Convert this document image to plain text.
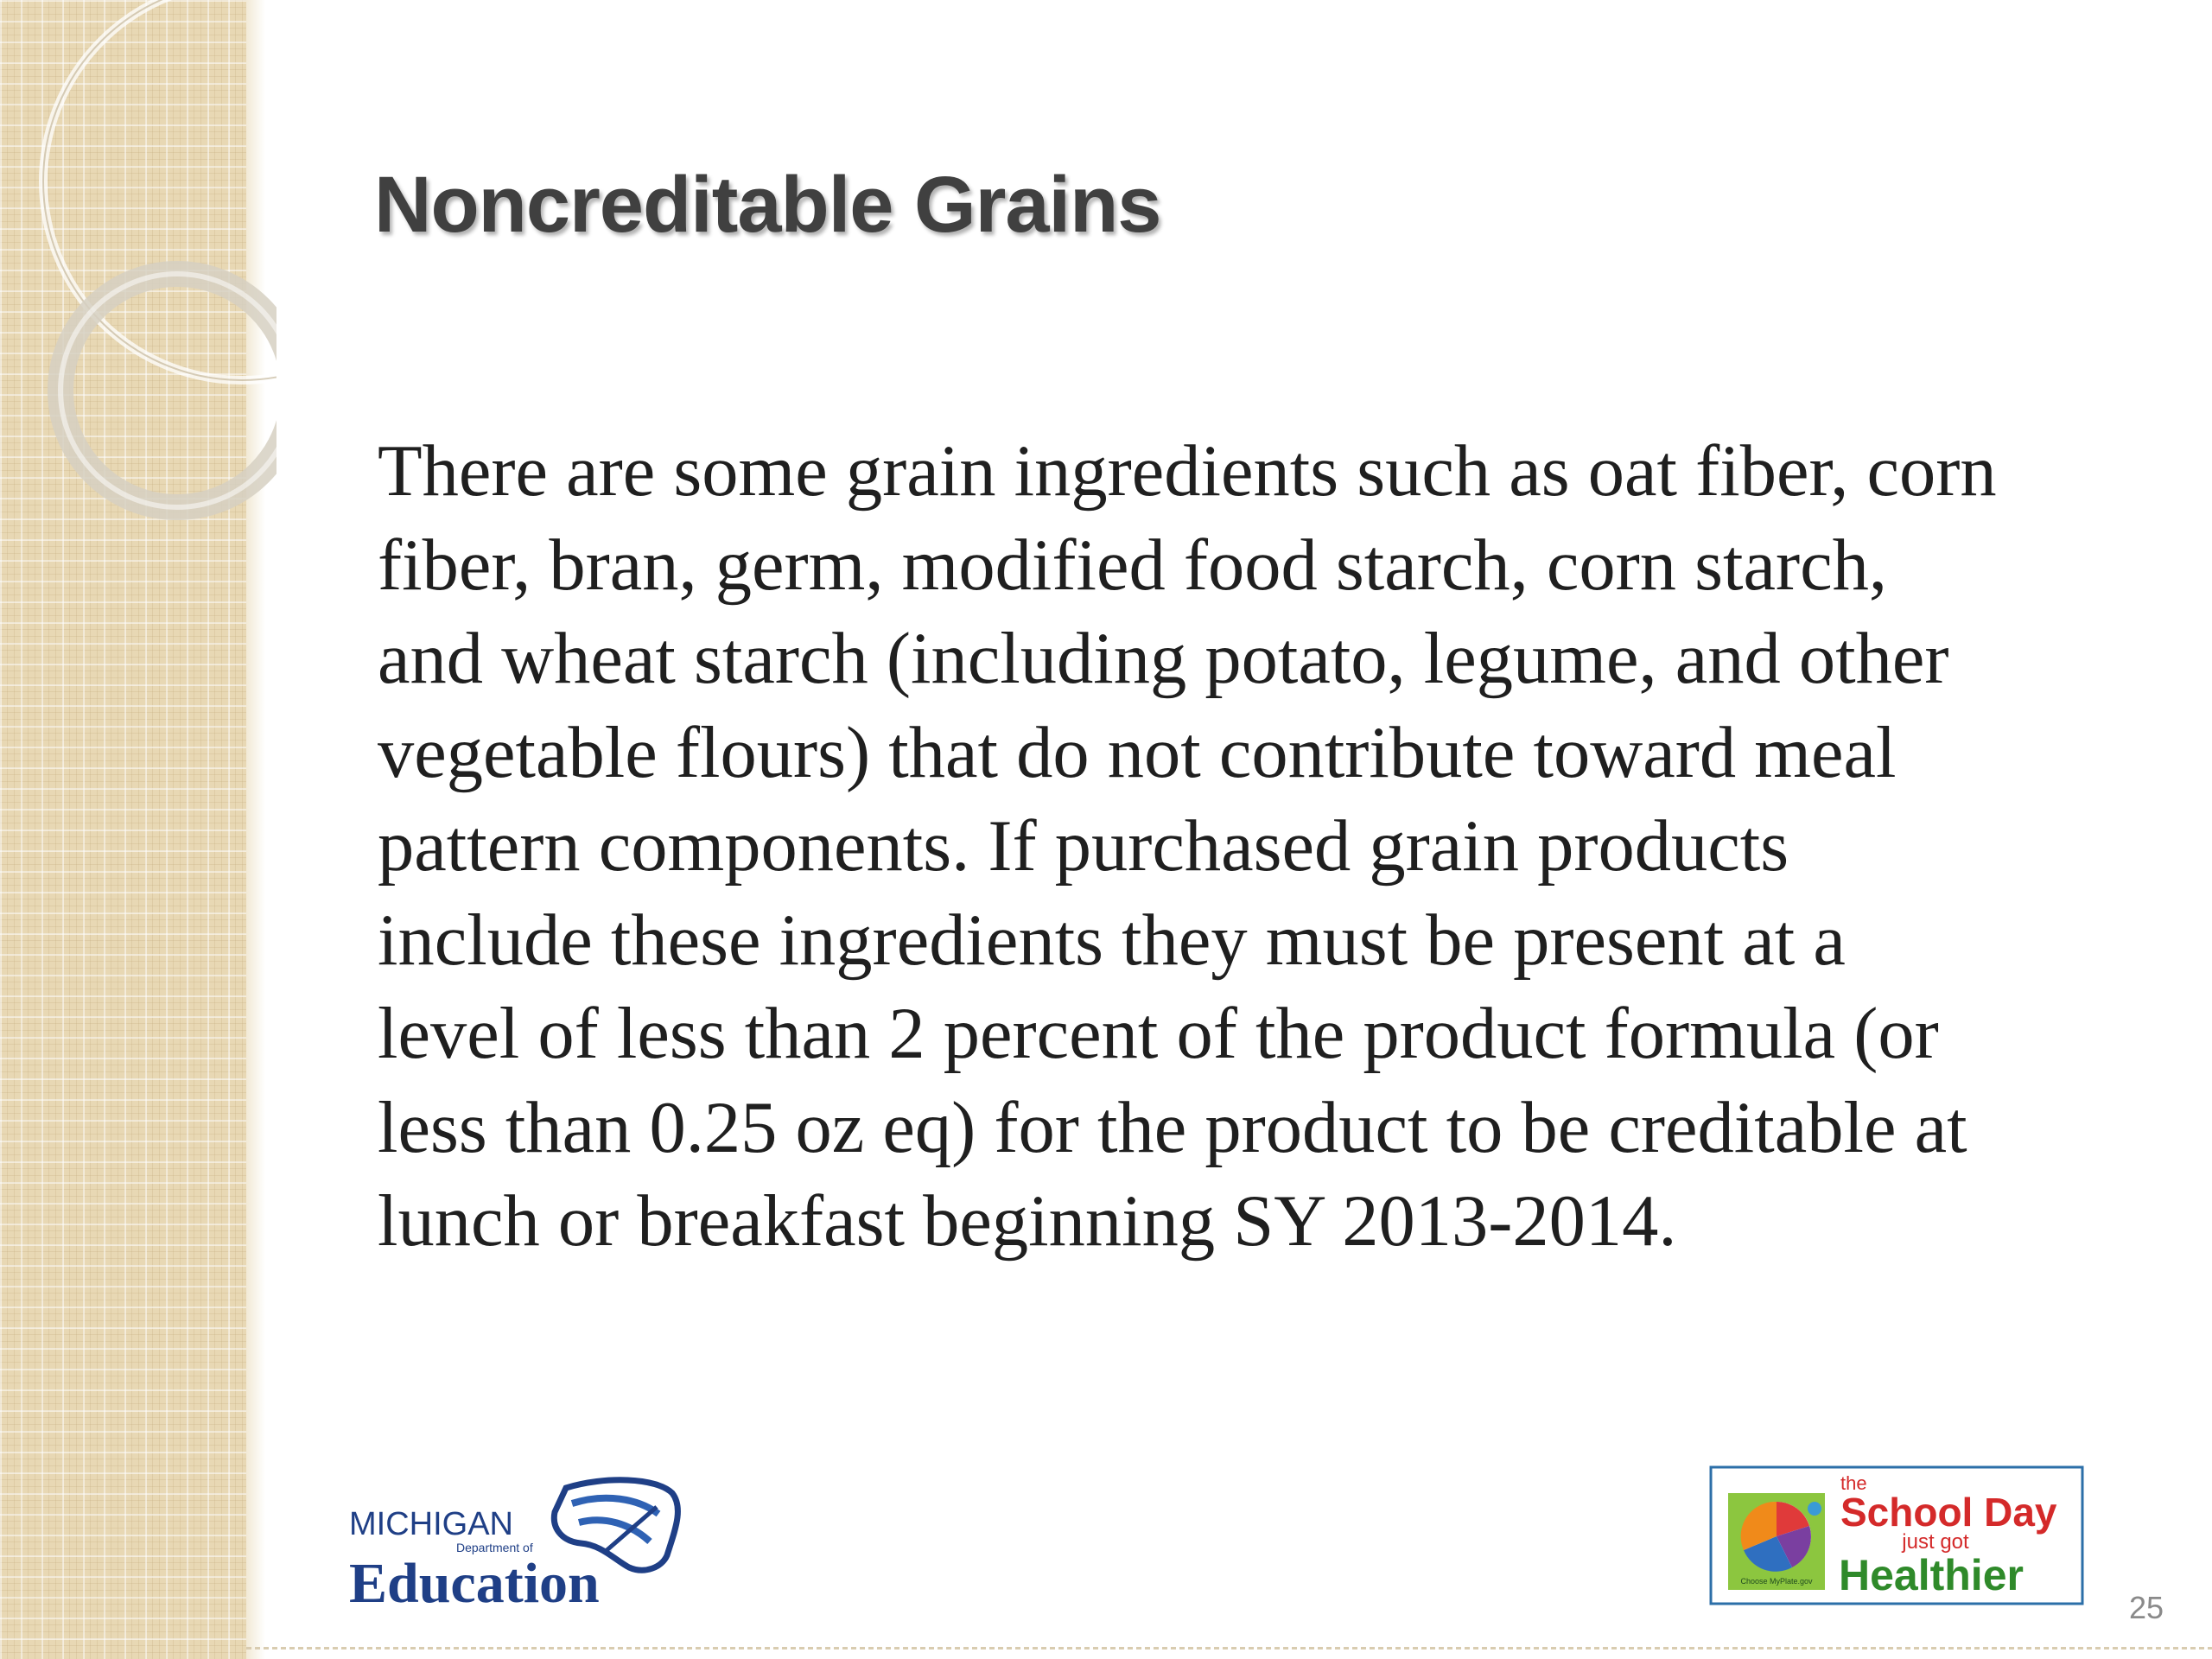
Noncreditable Grains
There are some grain ingredients such as oat fiber, corn
fiber, bran, germ, modified food starch, corn starch,
and wheat starch (including potato, legume, and other
vegetable flours) that do not contribute toward meal
pattern components. If purchased grain products
include these ingredients they must be present at a
level of less than 2 percent of the product formula (or
less than 0.25 oz eq) for the product to be creditable at
lunch or breakfast beginning SY 2013-2014.
MICHIGAN
Department of
Education	Choose MyPlate.gov
the
School Day
just got
Healthier
25
